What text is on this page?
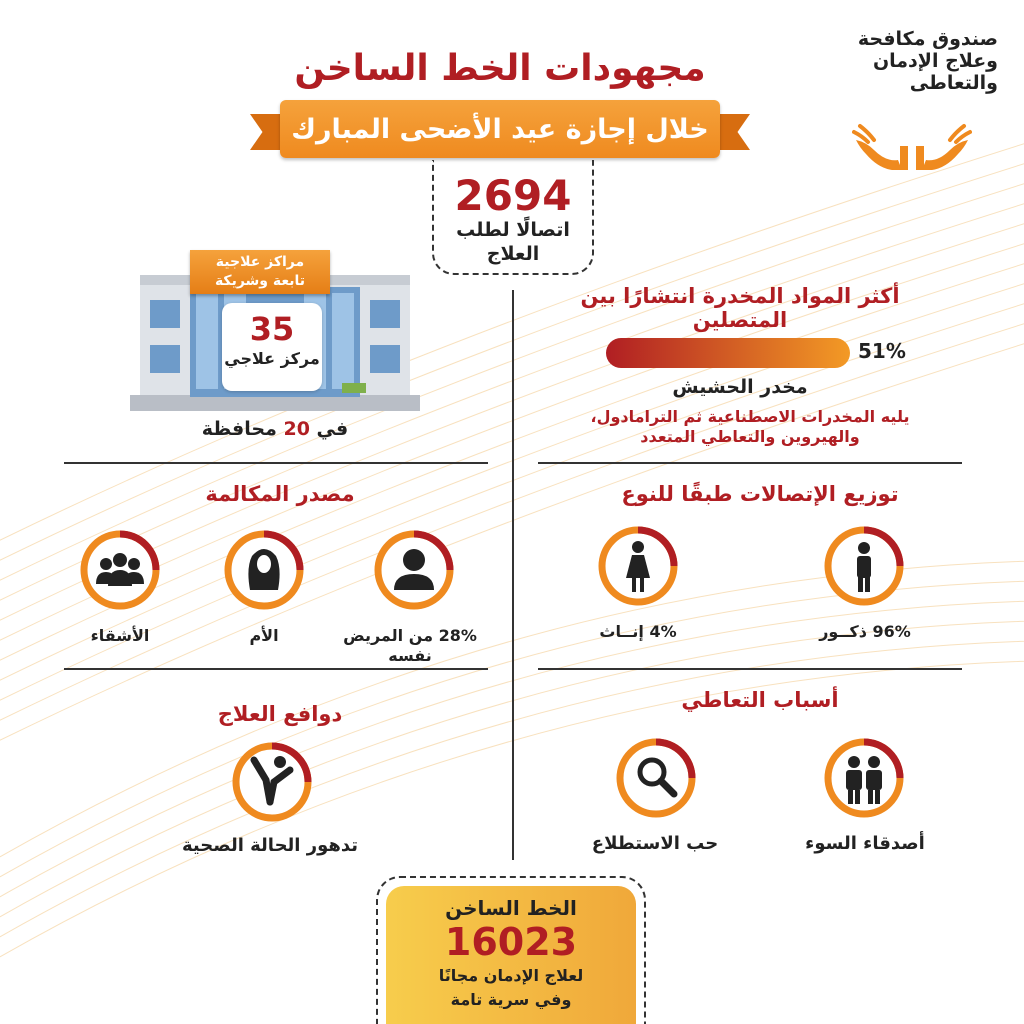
مجهودات الخط الساخن
خلال إجازة عيد الأضحى المبارك
2694
اتصالًا لطلب
العلاج
صندوق مكافحة
وعلاج الإدمان
والتعاطى
مراكز علاجية
تابعة وشريكة
35
مركز علاجي
في 20 محافظة
أكثر المواد المخدرة انتشارًا بين المتصلين
51%
مخدر الحشيش
يليه المخدرات الاصطناعية ثم الترامادول،
والهيروين والتعاطي المتعدد
توزيع الإتصالات طبقًا للنوع
96% ذكــور
4% إنــاث
مصدر المكالمة
28% من المريض
نفسه
الأم
الأشقاء
أسباب التعاطي
أصدقاء السوء
حب الاستطلاع
دوافع العلاج
تدهور الحالة الصحية
الخط الساخن
16023
لعلاج الإدمان مجانًا
وفي سرية تامة
